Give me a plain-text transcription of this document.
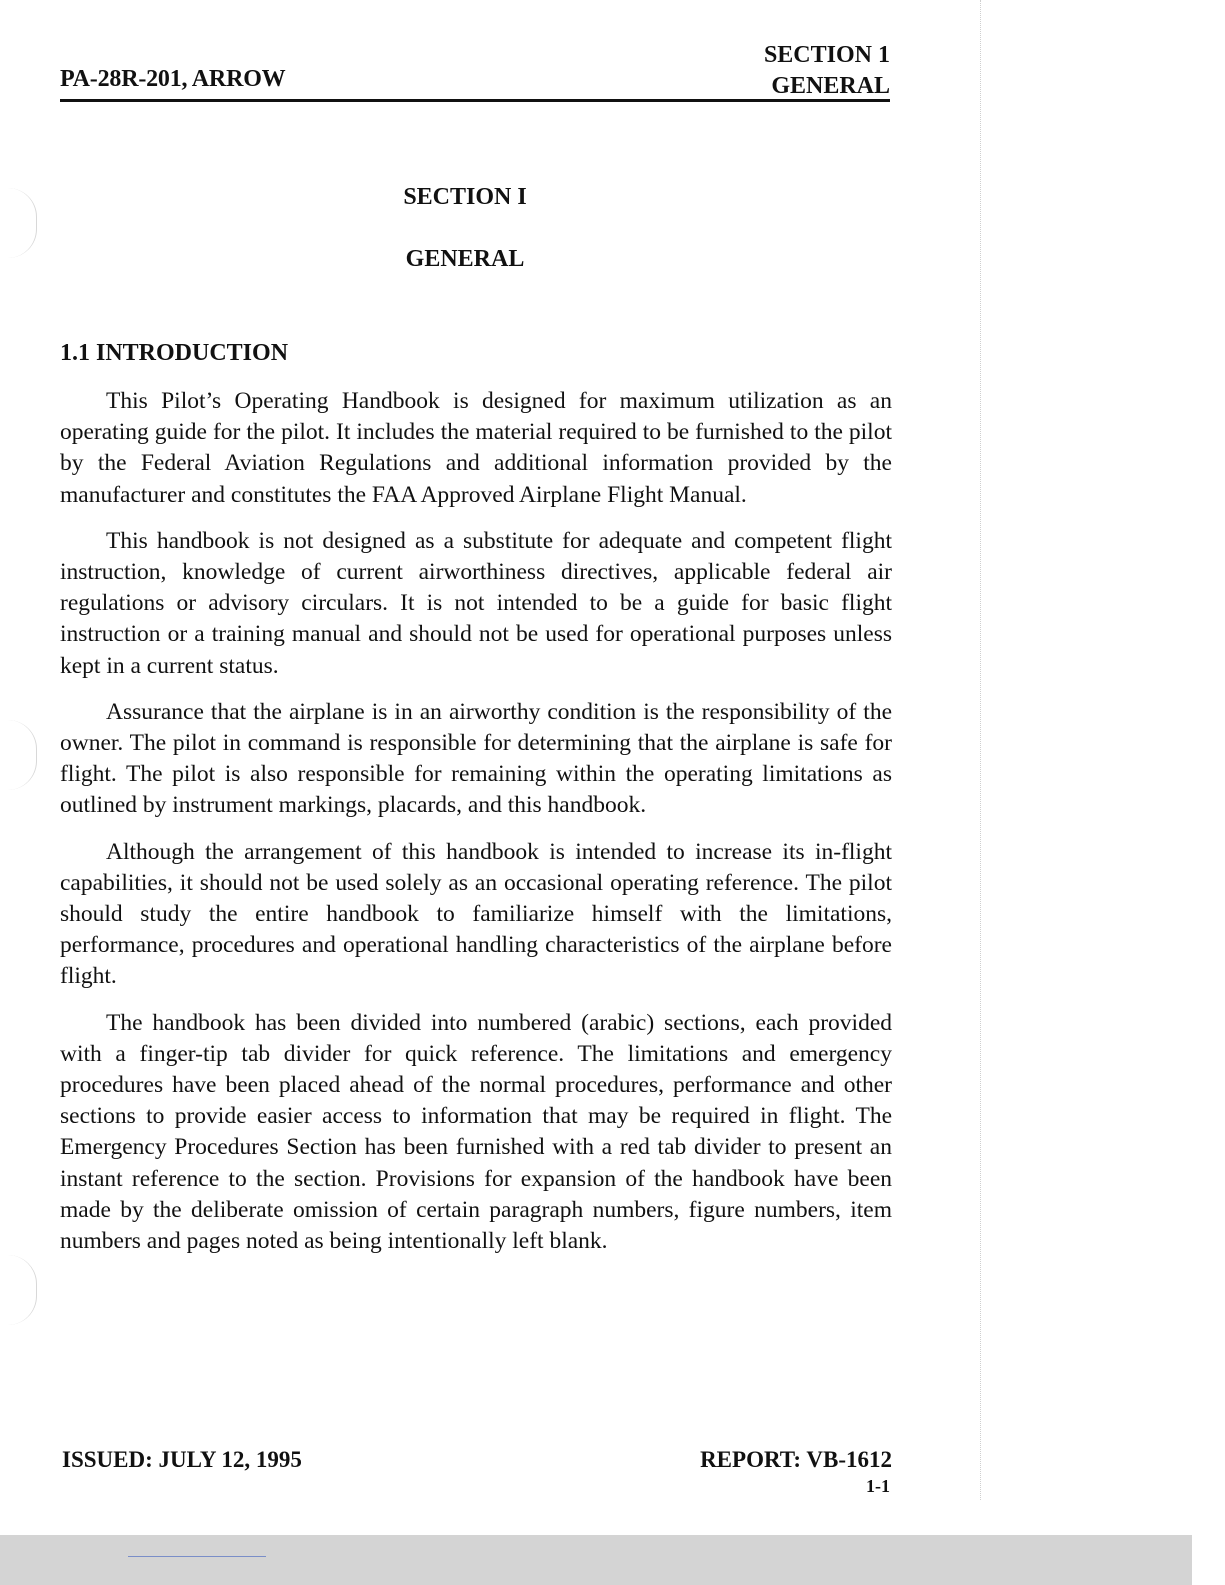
PA-28R-201, ARROW
SECTION 1
GENERAL
SECTION I
GENERAL
1.1 INTRODUCTION

This Pilot’s Operating Handbook is designed for maximum utilization as an operating guide for the pilot. It includes the material required to be furnished to the pilot by the Federal Aviation Regulations and additional information provided by the manufacturer and constitutes the FAA Approved Airplane Flight Manual.

This handbook is not designed as a substitute for adequate and competent flight instruction, knowledge of current airworthiness directives, applicable federal air regulations or advisory circulars. It is not intended to be a guide for basic flight instruction or a training manual and should not be used for operational purposes unless kept in a current status.

Assurance that the airplane is in an airworthy condition is the responsibility of the owner. The pilot in command is responsible for determining that the airplane is safe for flight. The pilot is also responsible for remaining within the operating limitations as outlined by instrument markings, placards, and this handbook.

Although the arrangement of this handbook is intended to increase its in-flight capabilities, it should not be used solely as an occasional operating reference. The pilot should study the entire handbook to familiarize himself with the limitations, performance, procedures and operational handling characteristics of the airplane before flight.

The handbook has been divided into numbered (arabic) sections, each provided with a finger-tip tab divider for quick reference. The limitations and emergency procedures have been placed ahead of the normal procedures, performance and other sections to provide easier access to information that may be required in flight. The Emergency Procedures Section has been furnished with a red tab divider to present an instant reference to the section. Provisions for expansion of the handbook have been made by the deliberate omission of certain paragraph numbers, figure numbers, item numbers and pages noted as being intentionally left blank.

ISSUED: JULY 12, 1995	REPORT: VB-1612
1-1
